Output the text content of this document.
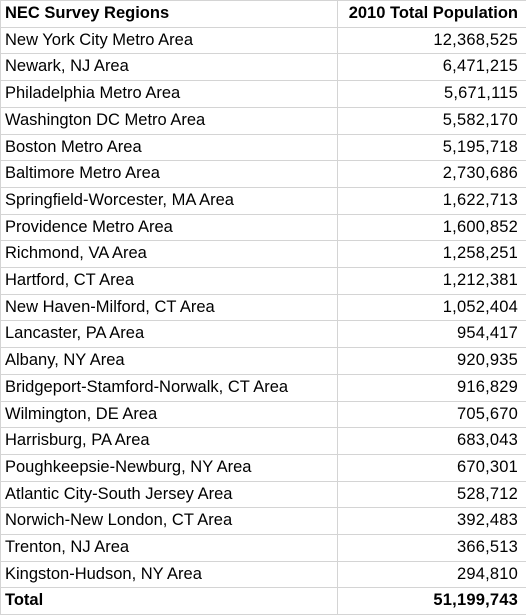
NEC Survey Regions	2010 Total Population
New York City Metro Area	12,368,525
Newark, NJ Area	6,471,215
Philadelphia Metro Area	5,671,115
Washington DC Metro Area	5,582,170
Boston Metro Area	5,195,718
Baltimore Metro Area	2,730,686
Springfield-Worcester, MA Area	1,622,713
Providence Metro Area	1,600,852
Richmond, VA Area	1,258,251
Hartford, CT Area	1,212,381
New Haven-Milford, CT Area	1,052,404
Lancaster, PA Area	954,417
Albany, NY Area	920,935
Bridgeport-Stamford-Norwalk, CT Area	916,829
Wilmington, DE Area	705,670
Harrisburg, PA Area	683,043
Poughkeepsie-Newburg, NY Area	670,301
Atlantic City-South Jersey Area	528,712
Norwich-New London, CT Area	392,483
Trenton, NJ Area	366,513
Kingston-Hudson, NY Area	294,810
Total	51,199,743
